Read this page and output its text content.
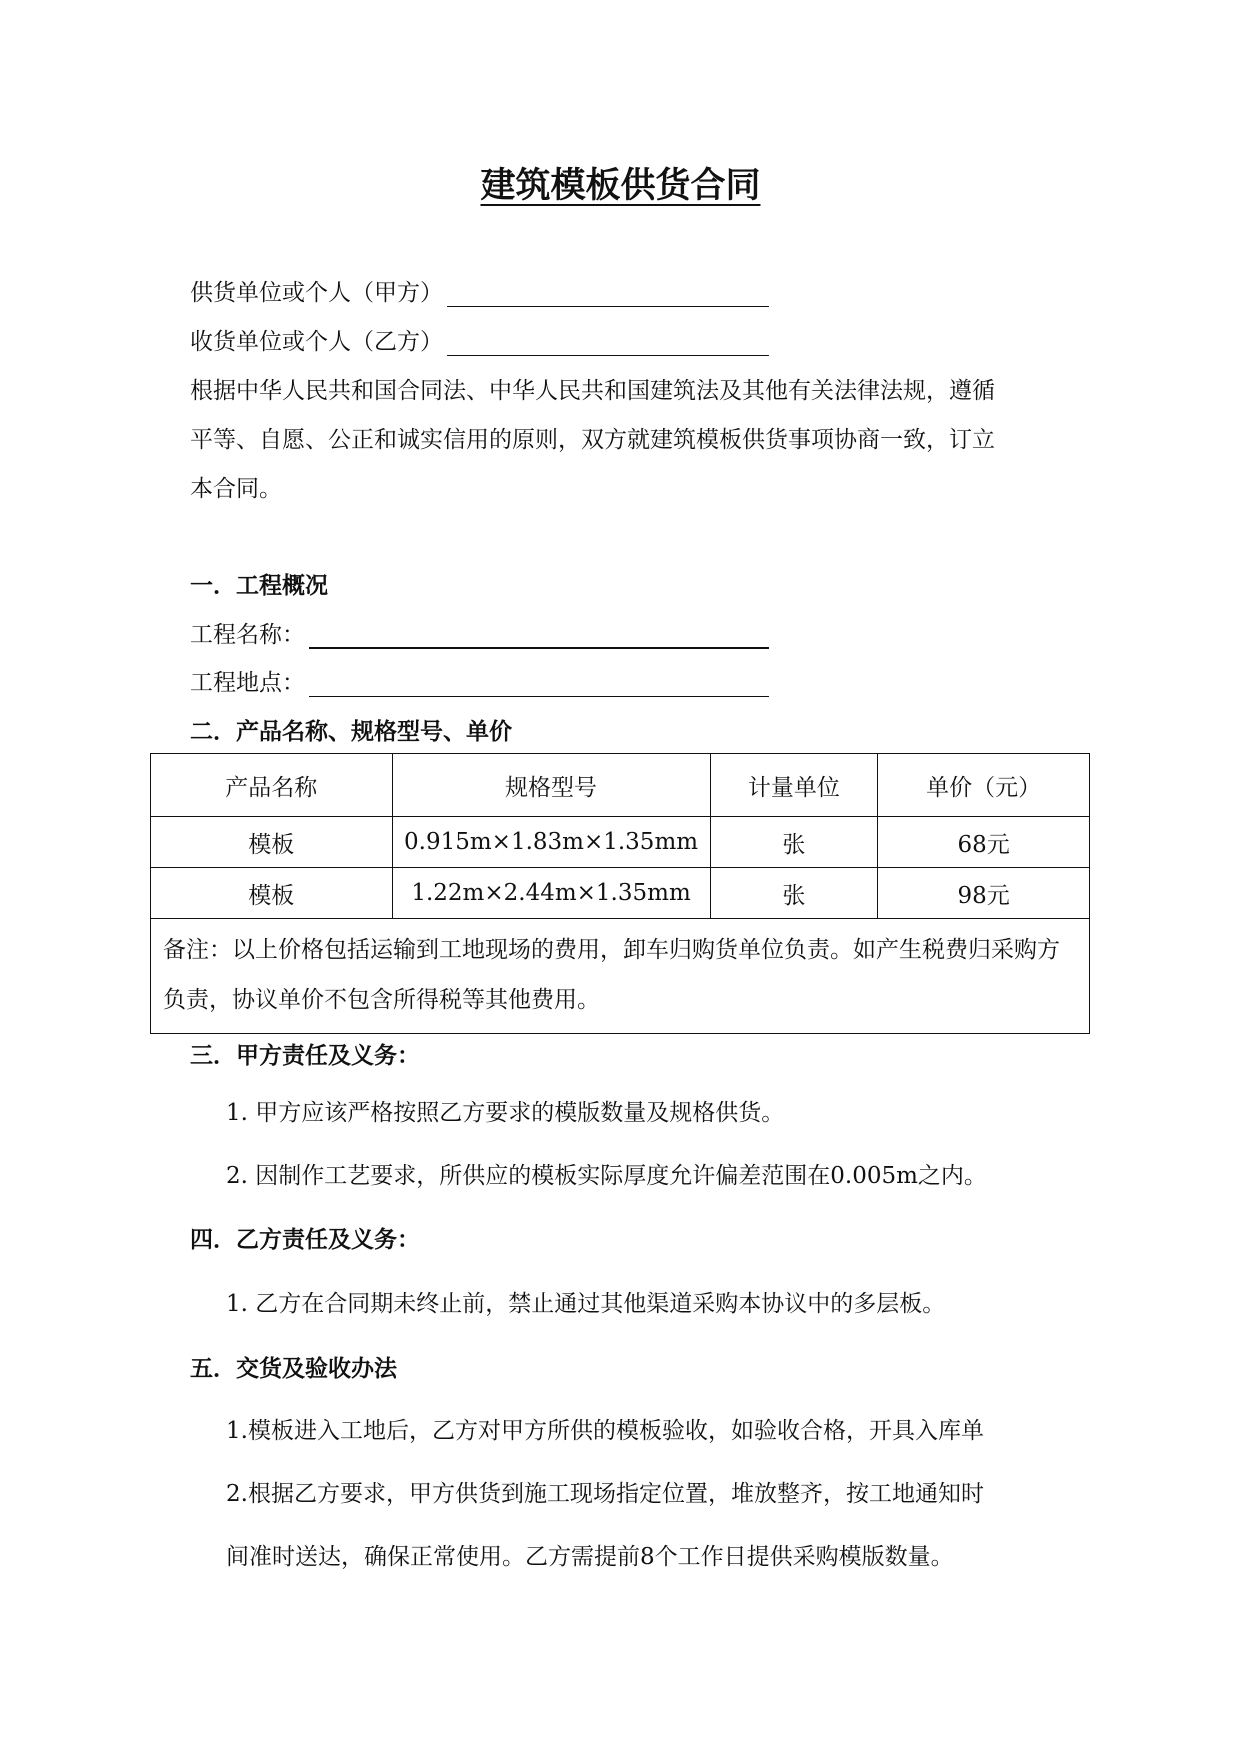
建筑模板供货合同
供货单位或个人（甲方）
收货单位或个人（乙方）
根据中华人民共和国合同法、中华人民共和国建筑法及其他有关法律法规，遵循
平等、自愿、公正和诚实信用的原则，双方就建筑模板供货事项协商一致，订立
本合同。
一．工程概况
工程名称：
工程地点：
二．产品名称、规格型号、单价
产品名称	规格型号	计量单位	单价（元）
模板	0.915m×1.83m×1.35mm	张	68元
模板	1.22m×2.44m×1.35mm	张	98元
备注：以上价格包括运输到工地现场的费用，卸车归购货单位负责。如产生税费归采购方负责，协议单价不包含所得税等其他费用。			
三．甲方责任及义务：
1. 甲方应该严格按照乙方要求的模版数量及规格供货。
2. 因制作工艺要求，所供应的模板实际厚度允许偏差范围在0.005m之内。
四．乙方责任及义务：
1. 乙方在合同期未终止前，禁止通过其他渠道采购本协议中的多层板。
五．交货及验收办法
1.模板进入工地后，乙方对甲方所供的模板验收，如验收合格，开具入库单
2.根据乙方要求，甲方供货到施工现场指定位置，堆放整齐，按工地通知时
间准时送达，确保正常使用。乙方需提前8个工作日提供采购模版数量。
